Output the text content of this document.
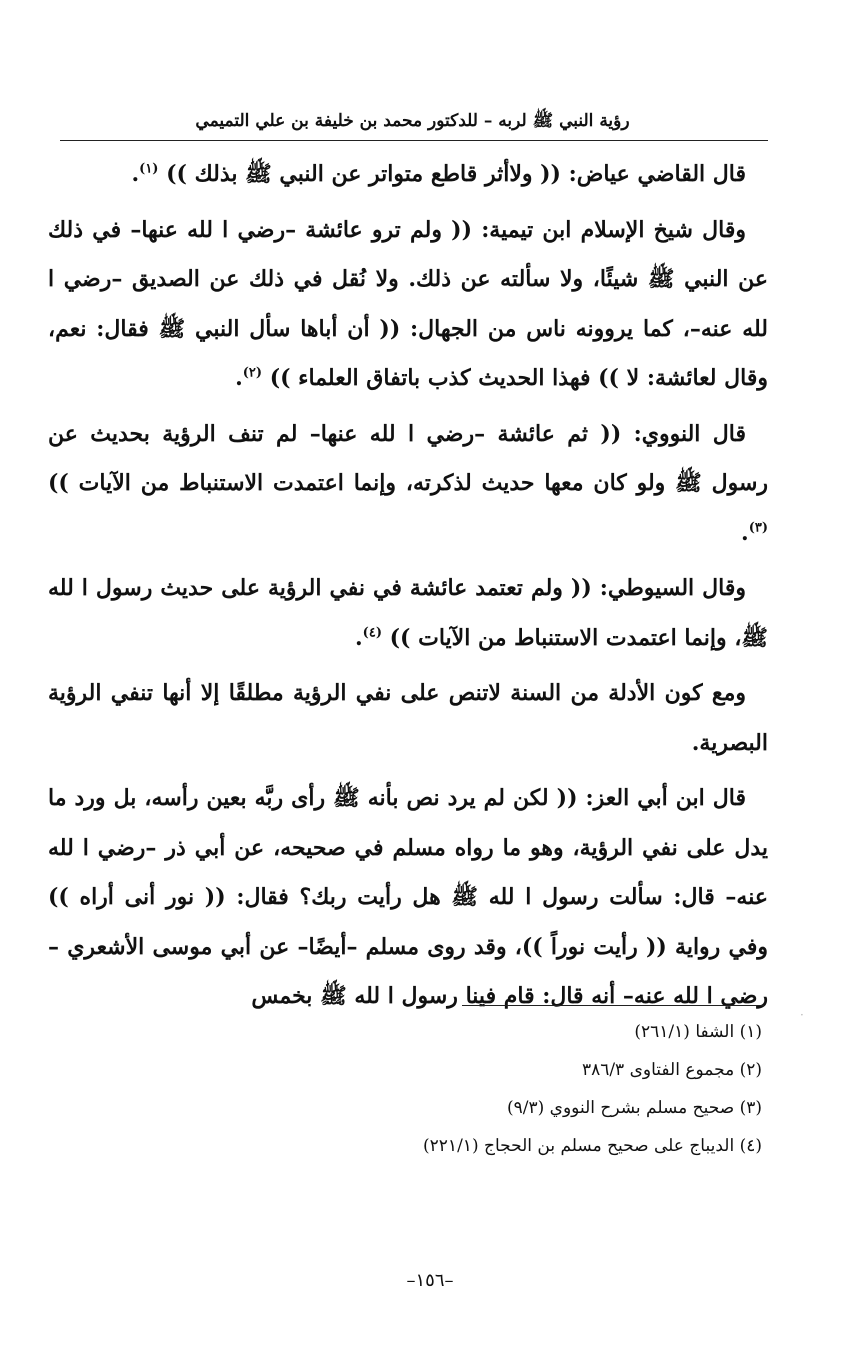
رؤية النبي ﷺ لربه – للدكتور محمد بن خليفة بن علي التميمي

قال القاضي عياض: (( ولاأثر قاطع متواتر عن النبي ﷺ بذلك )) $^{(١)}$.

وقال شيخ الإسلام ابن تيمية: (( ولم ترو عائشة –رضي ا لله عنها– في ذلك عن النبي ﷺ شيئًا، ولا سألته عن ذلك. ولا نُقل في ذلك عن الصديق –رضي ا لله عنه–، كما يروونه ناس من الجهال: (( أن أباها سأل النبي ﷺ فقال: نعم، وقال لعائشة: لا )) فهذا الحديث كذب باتفاق العلماء )) $^{(٢)}$.

قال النووي: (( ثم عائشة –رضي ا لله عنها– لم تنف الرؤية بحديث عن رسول ﷺ ولو كان معها حديث لذكرته، وإنما اعتمدت الاستنباط من الآيات )) $^{(٣)}$.

وقال السيوطي: (( ولم تعتمد عائشة في نفي الرؤية على حديث رسول ا لله ﷺ، وإنما اعتمدت الاستنباط من الآيات )) $^{(٤)}$.

ومع كون الأدلة من السنة لاتنص على نفي الرؤية مطلقًا إلا أنها تنفي الرؤية البصرية.

قال ابن أبي العز: (( لكن لم يرد نص بأنه ﷺ رأى ربَّه بعين رأسه، بل ورد ما يدل على نفي الرؤية، وهو ما رواه مسلم في صحيحه، عن أبي ذر –رضي ا لله عنه– قال: سألت رسول ا لله ﷺ هل رأيت ربك؟ فقال: (( نور أنى أراه )) وفي رواية (( رأيت نوراً ))، وقد روى مسلم –أيضًا– عن أبي موسى الأشعري –رضي ا لله عنه– أنه قال: قام فينا رسول ا لله ﷺ بخمس

(١) الشفا (٢٦١/١)
(٢) مجموع الفتاوى ٣٨٦/٣
(٣) صحيح مسلم بشرح النووي (٩/٣)
(٤) الديباج على صحيح مسلم بن الحجاج (٢٢١/١)
·
–١٥٦–
